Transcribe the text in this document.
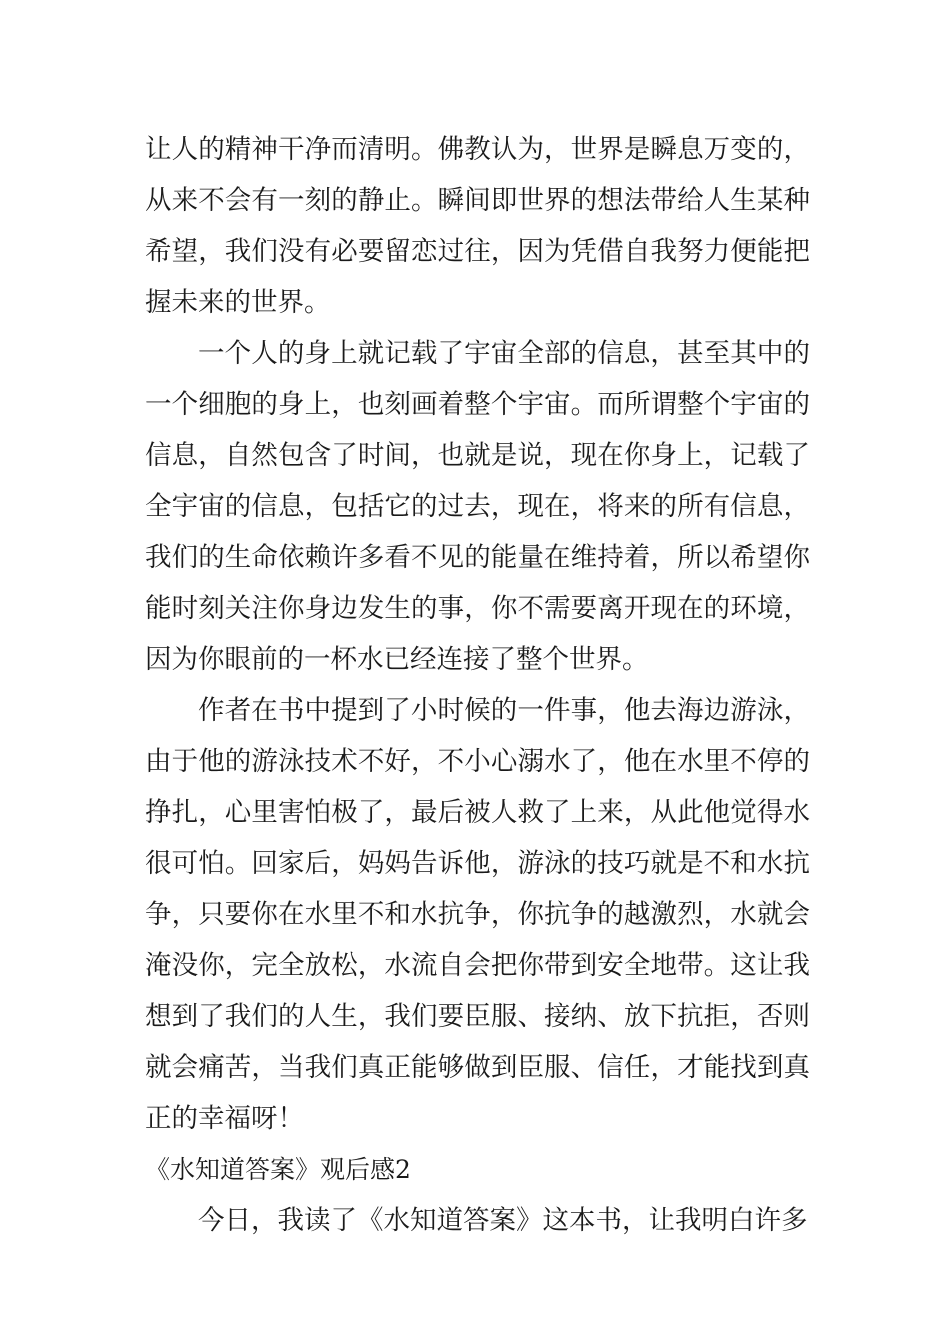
让人的精神干净而清明。佛教认为，世界是瞬息万变的，从来不会有一刻的静止。瞬间即世界的想法带给人生某种希望，我们没有必要留恋过往，因为凭借自我努力便能把握未来的世界。

一个人的身上就记载了宇宙全部的信息，甚至其中的一个细胞的身上，也刻画着整个宇宙。而所谓整个宇宙的信息，自然包含了时间，也就是说，现在你身上，记载了全宇宙的信息，包括它的过去，现在，将来的所有信息，我们的生命依赖许多看不见的能量在维持着，所以希望你能时刻关注你身边发生的事，你不需要离开现在的环境，因为你眼前的一杯水已经连接了整个世界。

作者在书中提到了小时候的一件事，他去海边游泳，由于他的游泳技术不好，不小心溺水了，他在水里不停的挣扎，心里害怕极了，最后被人救了上来，从此他觉得水很可怕。回家后，妈妈告诉他，游泳的技巧就是不和水抗争，只要你在水里不和水抗争，你抗争的越激烈，水就会淹没你，完全放松，水流自会把你带到安全地带。这让我想到了我们的人生，我们要臣服、接纳、放下抗拒，否则就会痛苦，当我们真正能够做到臣服、信任，才能找到真正的幸福呀！

《水知道答案》观后感2

今日，我读了《水知道答案》这本书，让我明白许多
